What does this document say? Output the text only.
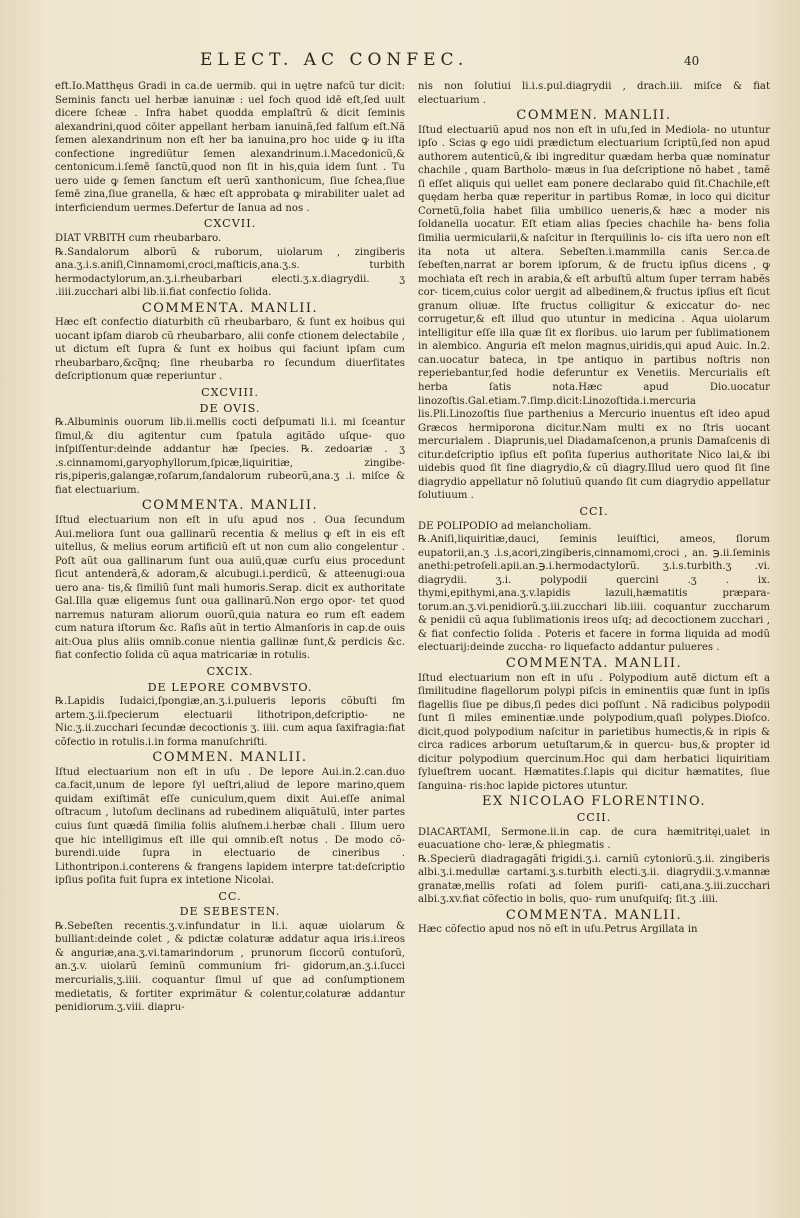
ELECT. AC CONFEC.	40

eft.Io.Matthęus Gradi in ca.de uermib. qui in uętre nafcũ tur dicit: Seminis fanctı uel herbæ ianuinæ : uel foch quod idē eſt,ſed uult dicere ſcheæ . Infra habet quodda emplaſtrũ & dicit ſeminis alexandrini,quod cōiter appellant herbam ianuinã,ſed falſum eſt.Nã ſemen alexandrinum non eſt her ba ianuina,pro hoc uide ꝙ iu iſta confectione ingrediũtur ſemen alexandrinum.i.Macedonicũ,& centonicum.i.ſemē ſanctũ,quod non ſit in his,quia idem ſunt . Tu uero uide ꝙ ſemen ſanctum eſt uerũ xanthonicum, ſiue ſchea,ſiue ſemē zina,ſiue granella, & hæc eſt approbata ꝙ mirabiliter ualet ad interficiendum uermes.Defertur de Ianua ad nos .

CXCVII.

DIAT VRBITH cum rheubarbaro.

℞.Sandalorum alborũ & ruborum, uiolarum , zingiberis ana.ʒ.i.s.aniſi,Cinnamomi,croci,maſticis,ana.ʒ.s. turbith hermodactylorum,an.ʒ.i.rheubarbari electi.ʒ.x.diagrydii. ʒ .iiii.zucchari albi lib.ii.fiat confectio ſolida.

COMMENTA. MANLII.

Hæc eſt confectio diaturbith cũ rheubarbaro, & ſunt ex hoibus qui uocant ipſam diarob cũ rheubarbaro, alii confe ctionem delectabile , ut dictum eſt ſupra & ſunt ex hoibus qui faciunt ipſam cum rheubarbaro,&cq̃nq; ſine rheubarba ro ſecundum diuerſitates deſcriptionum quæ reperiuntur .

CXCVIII.

DE OVIS.

℞.Albuminis ouorum lib.ii.mellis cocti deſpumati li.i. mi ſceantur ſimul,& diu agitentur cum ſpatula agitãdo uſque- quo inſpiſſentur:deinde addantur hæ ſpecies. ℞. zedoariæ . ʒ .s.cinnamomi,garyophyllorum,ſpicæ,liquiritiæ, zingibe- ris,piperis,galangæ,roſarum,ſandalorum rubeorũ,ana.ʒ .i. miſce & fiat electuarium.

COMMENTA. MANLII.

Iſtud electuarium non eſt in uſu apud nos . Oua ſecundum Aui.meliora ſunt oua gallinarũ recentia & melius ꝙ eſt in eis eſt uitellus, & melius eorum artificiũ eſt ut non cum alio congelentur . Poſt aũt oua gallinarum ſunt oua auiũ,quæ curſu eius procedunt ſicut antenderã,& adoram,& alcubugi.i.perdicũ, & atteenugi:oua uero ana- tis,& ſimiliũ ſunt mali humoris.Serap. dicit ex authoritate Gal.Illa quæ eligemus ſunt oua gallinarũ.Non ergo opor- tet quod narremus naturam aliorum ouorũ,quia natura eo rum eſt eadem cum natura iſtorum &c. Raſis aũt in tertio Almanſoris in cap.de ouis ait:Oua plus aliis omnib.conue nientia gallinæ ſunt,& perdicis &c. fiat confectio ſolida cũ aqua matricariæ in rotulis.

CXCIX.

DE LEPORE COMBVSTO.

℞.Lapidis Iudaici,ſpongiæ,an.ʒ.i.pulueris leporis cõbuſti ſm artem.ʒ.ii.ſpecierum electuarii lithotripon,deſcriptio- ne Nic.ʒ.ii.zucchari ſecundæ decoctionis ʒ. iiii. cum aqua ſaxifragia:fiat cõfectio in rotulis.i.in forma manuſchriſti.

COMMEN. MANLII.

Iſtud electuarium non eſt in uſu . De lepore Aui.in.2.can.duo ca.facit,unum de lepore ſyl ueſtri,aliud de lepore marino,quem quidam exiſtimãt eſſe cuniculum,quem dixit Aui.eſſe animal oſtracum , lutoſum declinans ad rubedinem aliquãtulũ, inter partes cuius ſunt quædã ſimilia foliis aluſnem.i.herbæ chali . Illum uero que hic intelligimus eſt ille qui omnib.eſt notus . De modo cõ- burendi.uide ſupra in electuario de cineribus . Lithontripon.i.conterens & frangens lapidem interpre tat:deſcriptio ipſius poſita fuit ſupra ex intetione Nicolai.

CC.

DE SEBESTEN.

℞.Sebeſten recentis.ʒ.v.infundatur in li.i. aquæ uiolarum & bulliant:deinde colet , & pdictæ colaturæ addatur aqua iris.i.ireos & anguriæ,ana.ʒ.vi.tamarindorum , prunorum ſiccorũ contuſorũ, an.ʒ.v. uiolarũ ſeminũ communium fri- gidorum,an.ʒ.i.ſucci mercurialis,ʒ.iiii. coquantur ſimul uſ que ad conſumptionem medietatis, & fortiter exprimãtur & colentur,colaturæ addantur penidiorum.ʒ.viii. diapru-

nis non ſolutiui li.i.s.pul.diagrydii , drach.iii. miſce & fiat electuarium .

COMMEN. MANLII.

Iſtud electuariũ apud nos non eſt in uſu,ſed in Mediola- no utuntur ipſo . Scias ꝙ ego uidi prædictum electuarium ſcriptũ,ſed non apud authorem autenticũ,& ibi ingreditur quædam herba quæ nominatur chachile , quam Bartholo- mæus in ſua deſcriptione nõ habet , tamẽ ſi eſſet aliquis qui uellet eam ponere declarabo quid ſit.Chachile,eſt quędam herba quæ reperitur in partibus Romæ, in loco qui dicitur Cornetũ,folia habet ſilia umbilico ueneris,& hæc a moder nis ſoldanella uocatur. Eſt etiam alias ſpecies chachile ha- bens folia ſimilia uermicularii,& naſcitur in ſterquilinis lo- cis iſta uero non eſt ita nota ut altera. Sebeſten.i.mammilla canis Ser.ca.de ſebeſten,narrat ar borem ipſorum, & de fructu ipſius dicens , ꝙ mochiata eſt rech in arabia,& eſt arbuſtũ altum ſuper terram habẽs cor- ticem,cuius color uergit ad albedinem,& fructus ipſius eſt ſicut granum oliuæ. Iſte fructus colligitur & exiccatur do- nec corrugetur,& eſt illud quo utuntur in medicina . Aqua uiolarum intelligitur eſſe illa quæ ſit ex floribus. uio larum per ſublimationem in alembico. Anguria eſt melon magnus,uiridis,qui apud Auic. In.2. can.uocatur bateca, in tpe antiquo in partibus noſtris non reperiebantur,ſed hodie deferuntur ex Venetiis. Mercurialis eſt herba ſatis nota.Hæc apud Dio.uocatur linozoſtis.Gal.etiam.7.ſimp.dicit:Linozoſtida.i.mercuria lis.Pli.Linozoſtis ſiue parthenius a Mercurio inuentus eſt ideo apud Græcos hermiporona dicitur.Nam multi ex no ſtris uocant mercurialem . Diaprunis,uel Diadamaſcenon,a prunis Damaſcenis di citur.deſcriptio ipſius eſt poſita ſuperius authoritate Nico lai,& ibi uidebis quod ſit ſine diagrydio,& cũ diagry.Illud uero quod ſit ſine diagrydio appellatur nõ ſolutiuũ quando ſit cum diagrydio appellatur ſolutiuum .

CCI.

DE POLIPODIO ad melancholiam.

℞.Aniſi,liquiritiæ,dauci, ſeminis leuiſtici, ameos, ſlorum eupatorii,an.ʒ .i.s,acori,zingiberis,cinnamomi,croci , an. ℈.ii.ſeminis anethi:petroſeli.apii.an.℈.i.hermodactylorũ. ʒ.i.s.turbith.ʒ .vi. diagrydii. ʒ.i. polypodii quercini .ʒ . ix. thymi,epithymi,ana.ʒ.v.lapidis lazuli,hæmatitis præpara- torum.an.ʒ.vi.penidiorũ.ʒ.iii.zucchari lib.iiii. coquantur zuccharum & penidii cũ aqua ſublimationis ireos uſq; ad decoctionem zucchari , & fiat confectio ſolida . Poteris et facere in forma liquida ad modũ electuarij:deinde zuccha- ro liquefacto addantur pulueres .

COMMENTA. MANLII.

Iſtud electuarium non eſt in uſu . Polypodium autẽ dictum eſt a ſimilitudine flagellorum polypi piſcis in eminentiis quæ ſunt in ipſis flagellis ſiue pe dibus,ſi pedes dici poſſunt . Nã radicibus polypodii ſunt ſi miles eminentiæ.unde polypodium,quaſi polypes.Dioſco. dicit,quod polypodium naſcitur in parietibus humectis,& in ripis & circa radices arborum uetuſtarum,& in quercu- bus,& propter id dicitur polypodium quercinum.Hoc qui dam herbatici liquiritiam ſylueſtrem uocant. Hæmatites.ſ.lapis qui dicitur hæmatites, ſiue ſanguina- ris:hoc lapide pictores utuntur.

EX NICOLAO FLORENTINO.

CCII.

DIACARTAMI, Sermone.ii.in cap. de cura hæmitritęi,ualet in euacuatione cho- leræ,& phlegmatis .

℞.Specierũ diadragagãti frigidi.ʒ.i. carniũ cytoniorũ.ʒ.ii. zingiberis albi.ʒ.i.medullæ cartami.ʒ.s.turbith electi.ʒ.ii. diagrydii.ʒ.v.mannæ granatæ,mellis roſati ad ſolem puriſi- cati,ana.ʒ.iii.zucchari albi.ʒ.xv.fiat cõfectio in bolis, quo- rum unuſquiſq; ſit.ʒ .iiii.

COMMENTA. MANLII.

Hæc cõfectio apud nos nõ eſt in uſu.Petrus Argillata in
